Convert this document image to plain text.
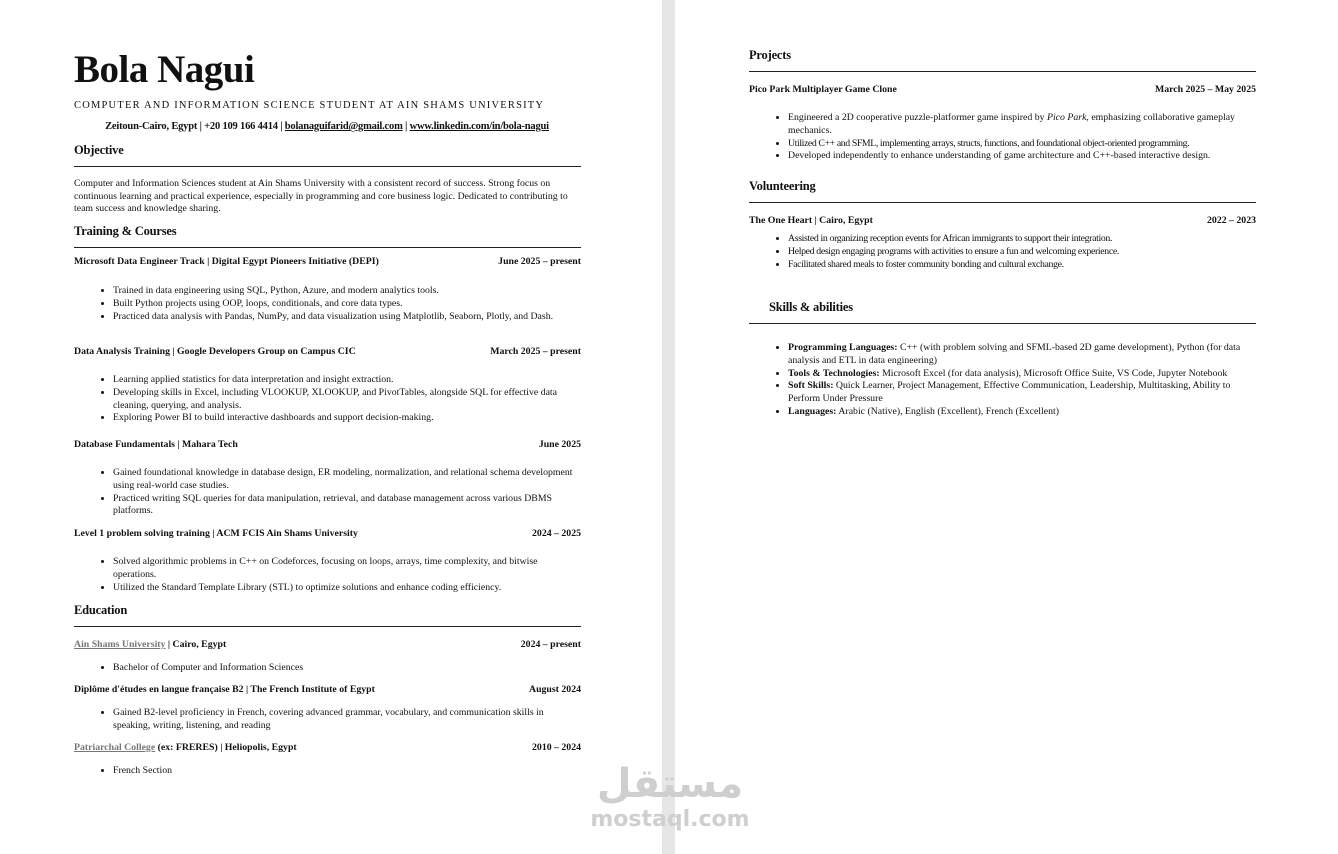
Bola Nagui

COMPUTER AND INFORMATION SCIENCE STUDENT AT AIN SHAMS UNIVERSITY

Zeitoun-Cairo, Egypt | +20 109 166 4414 | bolanaguifarid@gmail.com | www.linkedin.com/in/bola-nagui
Objective

Computer and Information Sciences student at Ain Shams University with a consistent record of success. Strong focus on continuous learning and practical experience, especially in programming and core business logic. Dedicated to contributing to team success and knowledge sharing.

Training & Courses
Microsoft Data Engineer Track | Digital Egypt Pioneers Initiative (DEPI)	June 2025 – present
• Trained in data engineering using SQL, Python, Azure, and modern analytics tools.
• Built Python projects using OOP, loops, conditionals, and core data types.
• Practiced data analysis with Pandas, NumPy, and data visualization using Matplotlib, Seaborn, Plotly, and Dash.
Data Analysis Training | Google Developers Group on Campus CIC	March 2025 – present
• Learning applied statistics for data interpretation and insight extraction.
• Developing skills in Excel, including VLOOKUP, XLOOKUP, and PivotTables, alongside SQL for effective data cleaning, querying, and analysis.
• Exploring Power BI to build interactive dashboards and support decision-making.
Database Fundamentals | Mahara Tech	June 2025
• Gained foundational knowledge in database design, ER modeling, normalization, and relational schema development using real-world case studies.
• Practiced writing SQL queries for data manipulation, retrieval, and database management across various DBMS platforms.
Level 1 problem solving training | ACM FCIS Ain Shams University	2024 – 2025
• Solved algorithmic problems in C++ on Codeforces, focusing on loops, arrays, time complexity, and bitwise operations.
• Utilized the Standard Template Library (STL) to optimize solutions and enhance coding efficiency.
Education
Ain Shams University | Cairo, Egypt	2024 – present
• Bachelor of Computer and Information Sciences
Diplôme d'études en langue française B2 | The French Institute of Egypt	August 2024
• Gained B2-level proficiency in French, covering advanced grammar, vocabulary, and communication skills in speaking, writing, listening, and reading
Patriarchal College (ex: FRERES) | Heliopolis, Egypt	2010 – 2024
• French Section
Projects
Pico Park Multiplayer Game Clone	March 2025 – May 2025
• Engineered a 2D cooperative puzzle-platformer game inspired by Pico Park, emphasizing collaborative gameplay mechanics.
• Utilized C++ and SFML, implementing arrays, structs, functions, and foundational object-oriented programming.
• Developed independently to enhance understanding of game architecture and C++-based interactive design.
Volunteering
The One Heart | Cairo, Egypt	2022 – 2023
• Assisted in organizing reception events for African immigrants to support their integration.
• Helped design engaging programs with activities to ensure a fun and welcoming experience.
• Facilitated shared meals to foster community bonding and cultural exchange.
Skills & abilities
• Programming Languages: C++ (with problem solving and SFML-based 2D game development), Python (for data analysis and ETL in data engineering)
• Tools & Technologies: Microsoft Excel (for data analysis), Microsoft Office Suite, VS Code, Jupyter Notebook
• Soft Skills: Quick Learner, Project Management, Effective Communication, Leadership, Multitasking, Ability to Perform Under Pressure
• Languages: Arabic (Native), English (Excellent), French (Excellent)
مستقل
mostaql.com
